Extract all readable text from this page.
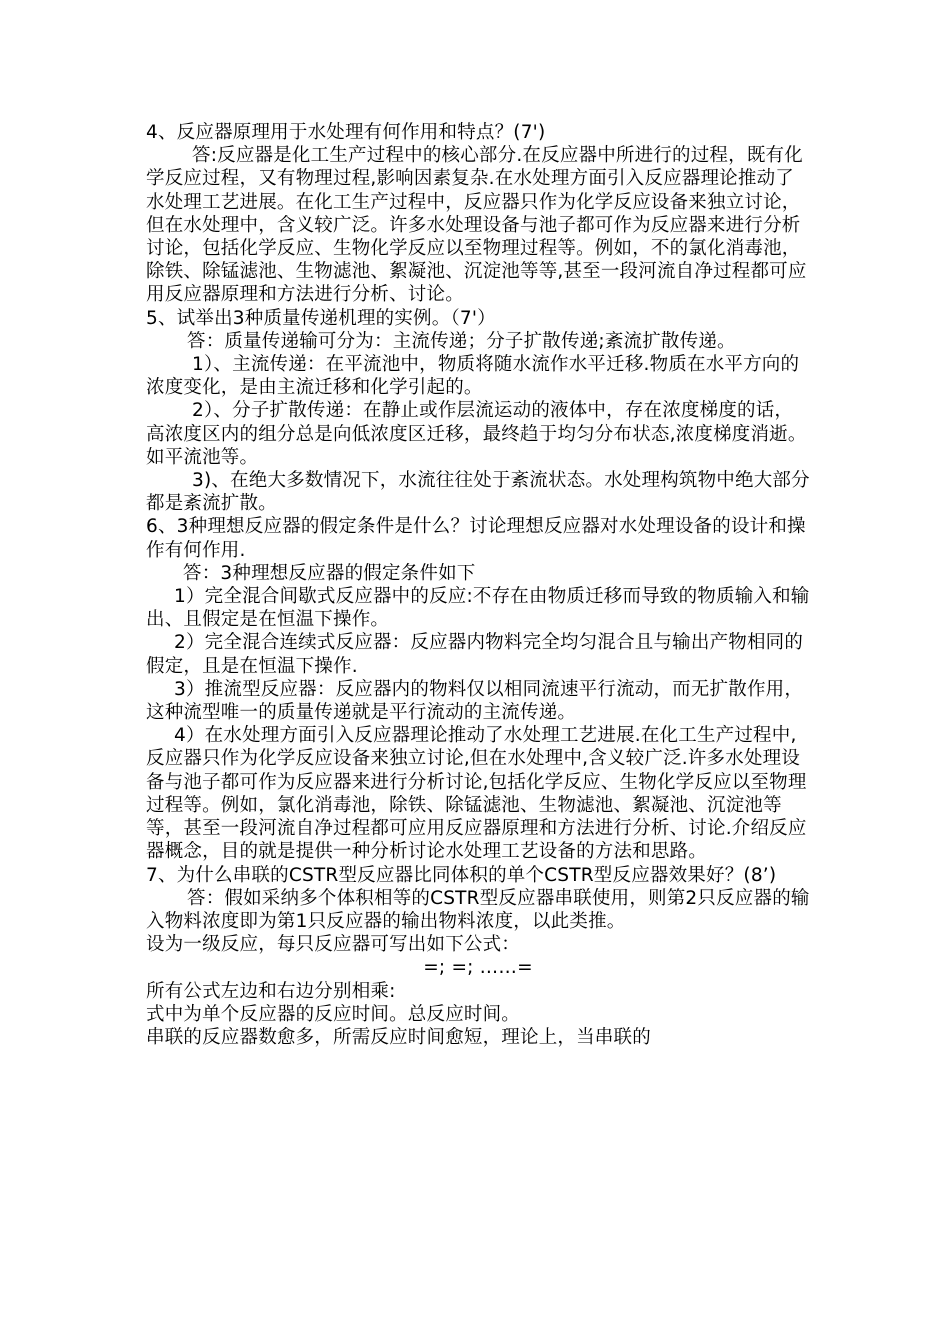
4、反应器原理用于水处理有何作用和特点？(7')

答:反应器是化工生产过程中的核心部分.在反应器中所进行的过程，既有化学反应过程，又有物理过程,影响因素复杂.在水处理方面引入反应器理论推动了水处理工艺进展。在化工生产过程中，反应器只作为化学反应设备来独立讨论，但在水处理中，含义较广泛。许多水处理设备与池子都可作为反应器来进行分析讨论，包括化学反应、生物化学反应以至物理过程等。例如，不的氯化消毒池，除铁、除锰滤池、生物滤池、絮凝池、沉淀池等等,甚至一段河流自净过程都可应用反应器原理和方法进行分析、讨论。

5、试举出3种质量传递机理的实例。（7'）

答：质量传递输可分为：主流传递；分子扩散传递;紊流扩散传递。

1）、主流传递：在平流池中，物质将随水流作水平迁移.物质在水平方向的浓度变化，是由主流迁移和化学引起的。

2）、分子扩散传递：在静止或作层流运动的液体中，存在浓度梯度的话，高浓度区内的组分总是向低浓度区迁移，最终趋于均匀分布状态,浓度梯度消逝。如平流池等。

3)、在绝大多数情况下，水流往往处于紊流状态。水处理构筑物中绝大部分都是紊流扩散。

6、3种理想反应器的假定条件是什么？讨论理想反应器对水处理设备的设计和操作有何作用.

答：3种理想反应器的假定条件如下

1）完全混合间歇式反应器中的反应:不存在由物质迁移而导致的物质输入和输出、且假定是在恒温下操作。

2）完全混合连续式反应器：反应器内物料完全均匀混合且与输出产物相同的假定，且是在恒温下操作.

3）推流型反应器：反应器内的物料仅以相同流速平行流动，而无扩散作用，这种流型唯一的质量传递就是平行流动的主流传递。

4）在水处理方面引入反应器理论推动了水处理工艺进展.在化工生产过程中,反应器只作为化学反应设备来独立讨论,但在水处理中,含义较广泛.许多水处理设备与池子都可作为反应器来进行分析讨论,包括化学反应、生物化学反应以至物理过程等。例如，氯化消毒池，除铁、除锰滤池、生物滤池、絮凝池、沉淀池等等，甚至一段河流自净过程都可应用反应器原理和方法进行分析、讨论.介绍反应器概念，目的就是提供一种分析讨论水处理工艺设备的方法和思路。

7、为什么串联的CSTR型反应器比同体积的单个CSTR型反应器效果好？(8’)

答：假如采纳多个体积相等的CSTR型反应器串联使用，则第2只反应器的输入物料浓度即为第1只反应器的输出物料浓度，以此类推。

设为一级反应，每只反应器可写出如下公式：

=; =; ……=

所有公式左边和右边分别相乘:

式中为单个反应器的反应时间。总反应时间。

串联的反应器数愈多，所需反应时间愈短，理论上，当串联的
